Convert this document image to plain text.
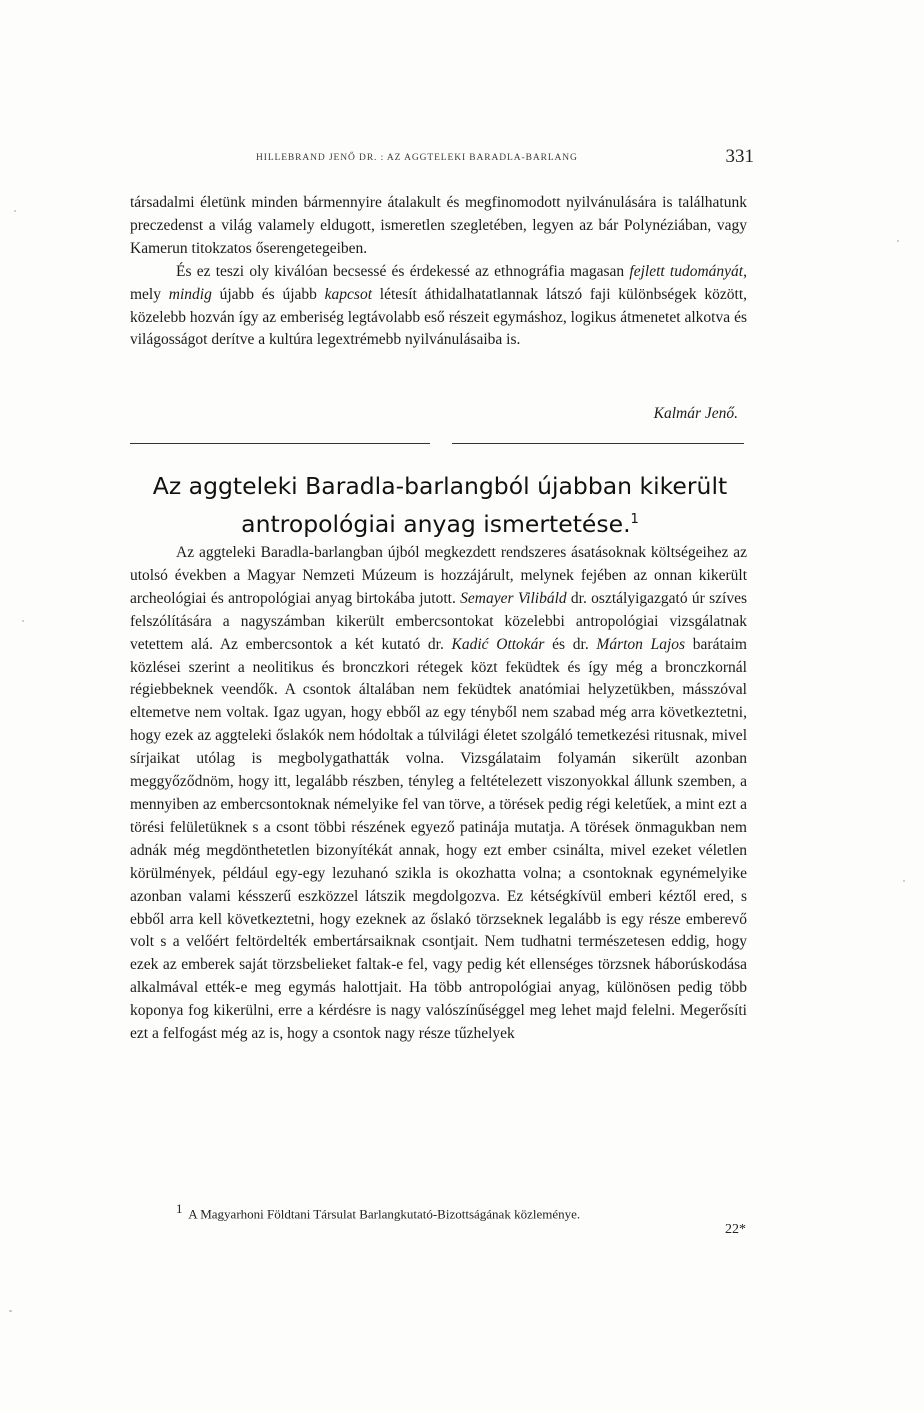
HILLEBRAND JENŐ DR. : AZ AGGTELEKI BARADLA-BARLANG	331

társadalmi életünk minden bármennyire átalakult és megfinomodott nyilvánulására is találhatunk preczedenst a világ valamely eldugott, ismeretlen szegletében, legyen az bár Polynéziában, vagy Kamerun titokzatos őserengetegeiben.

És ez teszi oly kiválóan becsessé és érdekessé az ethnográfia magasan fejlett tudományát, mely mindig újabb és újabb kapcsot létesít áthidalhatatlannak látszó faji különbségek között, közelebb hozván így az emberiség legtávolabb eső részeit egymáshoz, logikus átmenetet alkotva és világosságot derítve a kultúra legextrémebb nyilvánulásaiba is.

Kalmár Jenő.
Az aggteleki Baradla-barlangból újabban kikerült antropológiai anyag ismertetése.$^1$

Az aggteleki Baradla-barlangban újból megkezdett rendszeres ásatásoknak költségeihez az utolsó években a Magyar Nemzeti Múzeum is hozzájárult, melynek fejében az onnan kikerült archeológiai és antropológiai anyag birtokába jutott. Semayer Vilibáld dr. osztályigazgató úr szíves felszólítására a nagyszámban kikerült embercsontokat közelebbi antropológiai vizsgálatnak vetettem alá. Az embercsontok a két kutató dr. Kadić Ottokár és dr. Márton Lajos barátaim közlései szerint a neolitikus és bronczkori rétegek közt feküdtek és így még a bronczkornál régiebbeknek veendők. A csontok általában nem feküdtek anatómiai helyzetükben, másszóval eltemetve nem voltak. Igaz ugyan, hogy ebből az egy tényből nem szabad még arra következtetni, hogy ezek az aggteleki őslakók nem hódoltak a túlvilági életet szolgáló temetkezési ritusnak, mivel sírjaikat utólag is megbolygathatták volna. Vizsgálataim folyamán sikerült azonban meggyőződnöm, hogy itt, legalább részben, tényleg a feltételezett viszonyokkal állunk szemben, a mennyiben az embercsontoknak némelyike fel van törve, a törések pedig régi keletűek, a mint ezt a törési felületüknek s a csont többi részének egyező patinája mutatja. A törések önmagukban nem adnák még megdönthetetlen bizonyítékát annak, hogy ezt ember csinálta, mivel ezeket véletlen körülmények, például egy-egy lezuhanó szikla is okozhatta volna; a csontoknak egynémelyike azonban valami késszerű eszközzel látszik megdolgozva. Ez kétségkívül emberi kéztől ered, s ebből arra kell következtetni, hogy ezeknek az őslakó törzseknek legalább is egy része emberevő volt s a velőért feltördelték embertársaiknak csontjait. Nem tudhatni természetesen eddig, hogy ezek az emberek saját törzsbelieket faltak-e fel, vagy pedig két ellenséges törzsnek háborúskodása alkalmával ették-e meg egymás halottjait. Ha több antropológiai anyag, különösen pedig több koponya fog kikerülni, erre a kérdésre is nagy valószínűséggel meg lehet majd felelni. Megerősíti ezt a felfogást még az is, hogy a csontok nagy része tűzhelyek

1 A Magyarhoni Földtani Társulat Barlangkutató-Bizottságának közleménye.
22*
